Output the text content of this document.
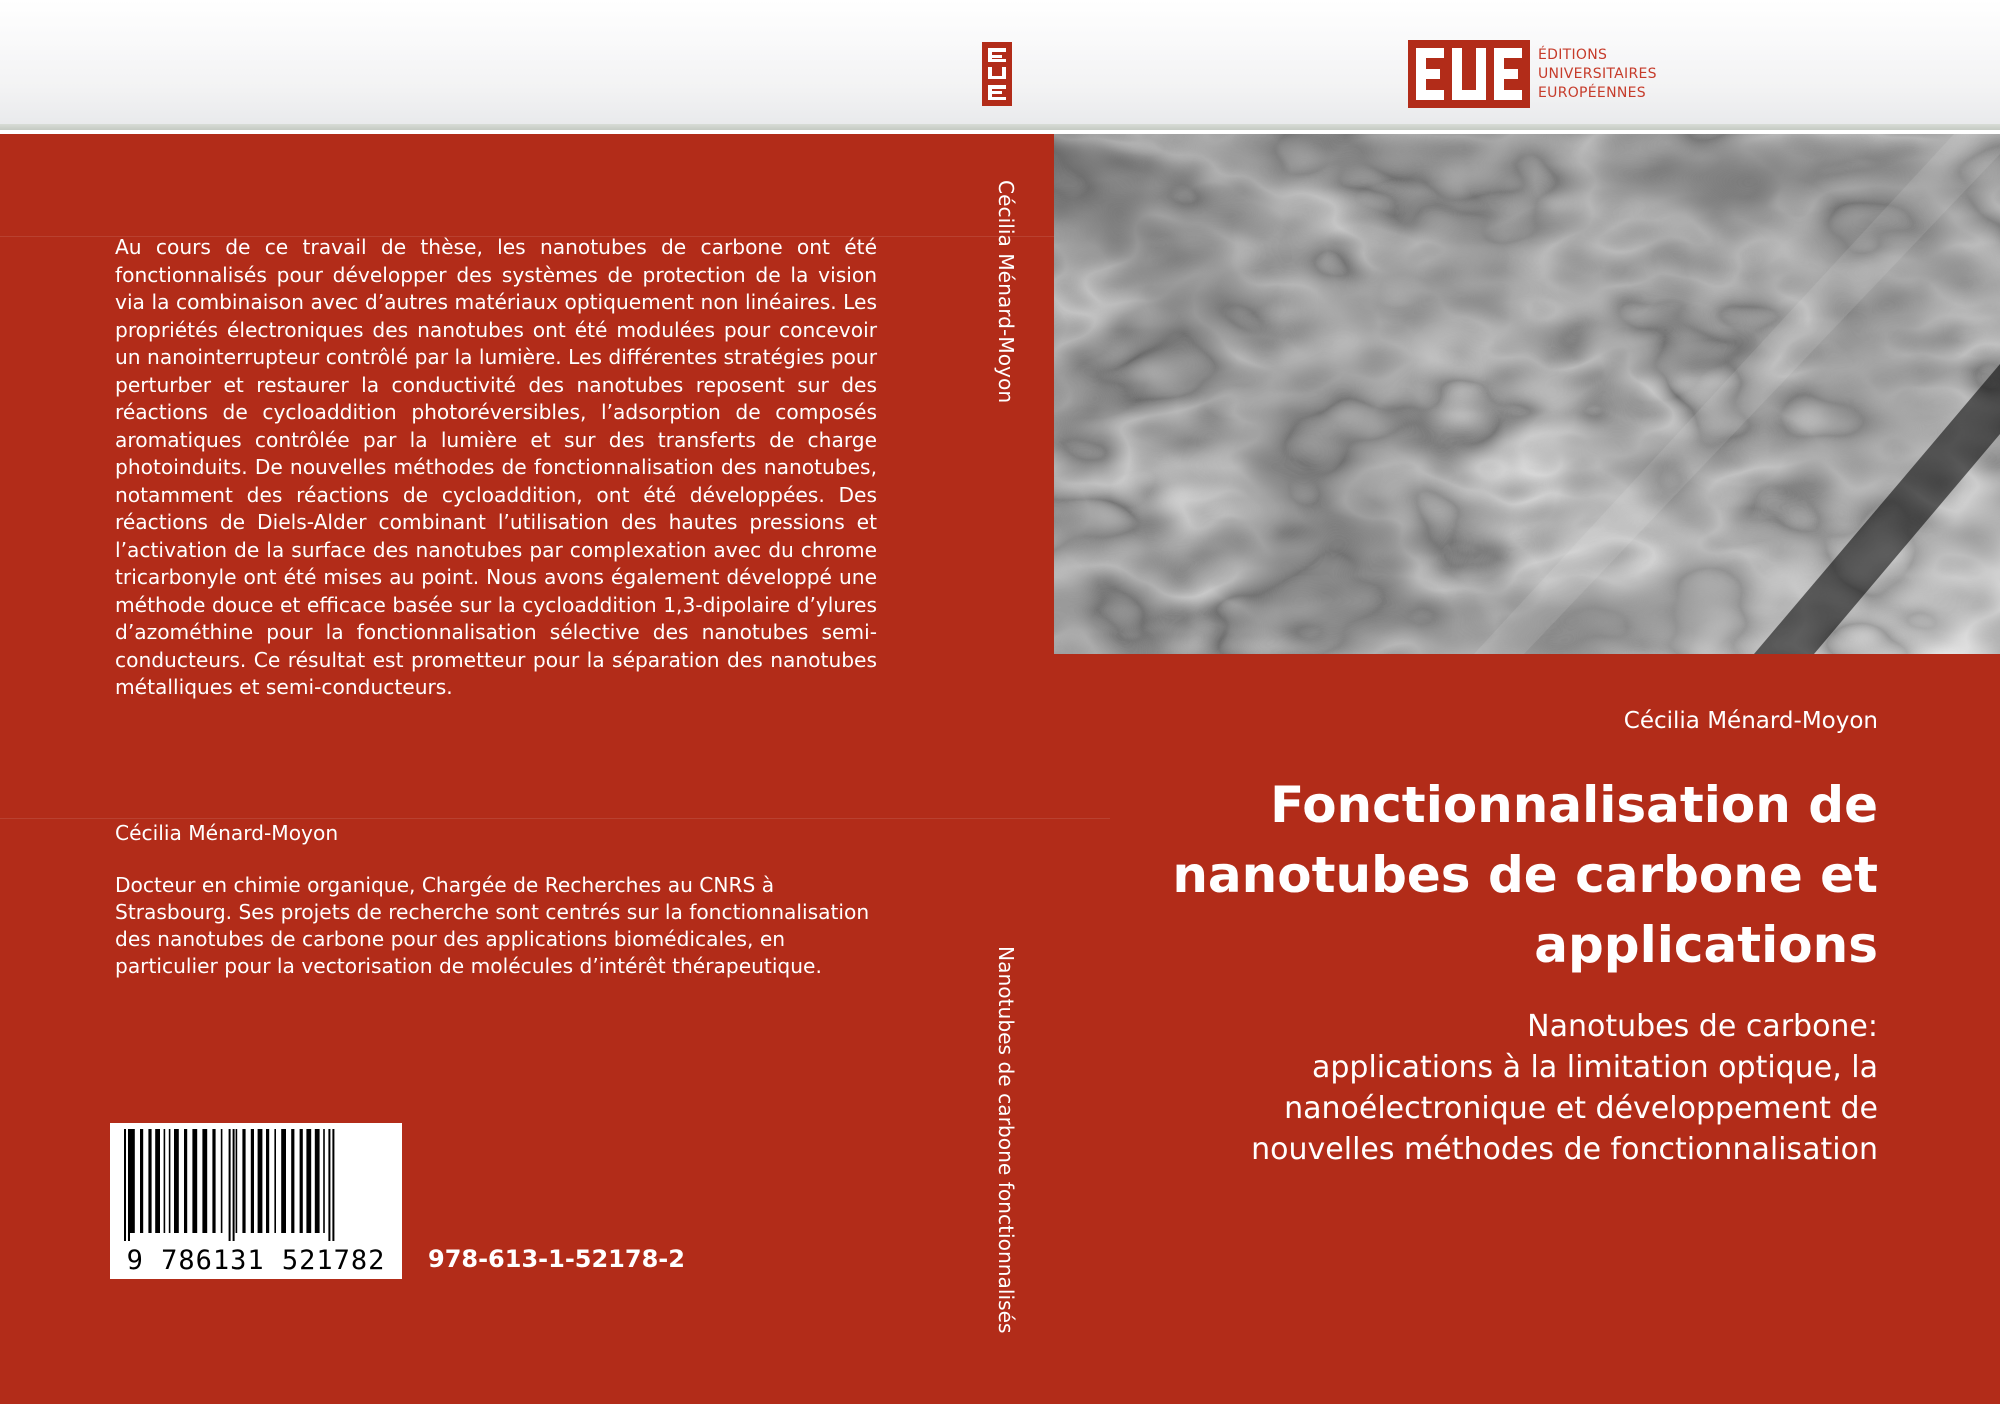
ÉDITIONS
UNIVERSITAIRES
EUROPÉENNES

Au cours de ce travail de thèse, les nanotubes de carbone ont été fonctionnalisés pour développer des systèmes de protection de la vision via la combinaison avec d’autres matériaux optiquement non linéaires. Les propriétés électroniques des nanotubes ont été modulées pour concevoir un nanointerrupteur contrôlé par la lumière. Les différentes stratégies pour perturber et restaurer la conductivité des nanotubes reposent sur des réactions de cycloaddition photoréversibles, l’adsorption de composés aromatiques contrôlée par la lumière et sur des transferts de charge photoinduits. De nouvelles méthodes de fonctionnalisation des nanotubes, notamment des réactions de cycloaddition, ont été développées. Des réactions de Diels-Alder combinant l’utilisation des hautes pressions et l’activation de la surface des nanotubes par complexation avec du chrome tricarbonyle ont été mises au point. Nous avons également développé une méthode douce et efficace basée sur la cycloaddition 1,3-dipolaire d’ylures d’azométhine pour la fonctionnalisation sélective des nanotubes semi-conducteurs. Ce résultat est prometteur pour la séparation des nanotubes métalliques et semi-conducteurs.

Cécilia Ménard-Moyon

Docteur en chimie organique, Chargée de Recherches au CNRS à Strasbourg. Ses projets de recherche sont centrés sur la fonctionnalisation des nanotubes de carbone pour des applications biomédicales, en particulier pour la vectorisation de molécules d’intérêt thérapeutique.

9 786131 521782	978-613-1-52178-2
Cécilia Ménard-Moyon
Nanotubes de carbone fonctionnalisés
Cécilia Ménard-Moyon

Fonctionnalisation de
nanotubes de carbone et
applications

Nanotubes de carbone:
applications à la limitation optique, la
nanoélectronique et développement de
nouvelles méthodes de fonctionnalisation
